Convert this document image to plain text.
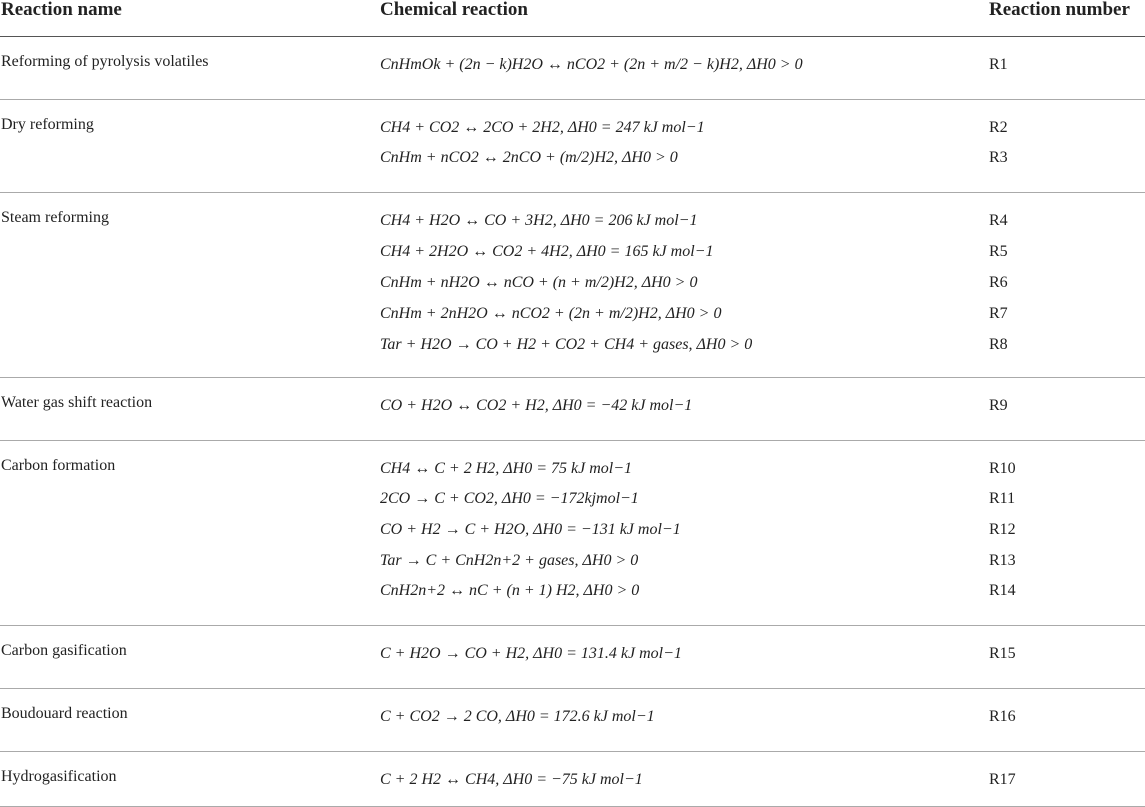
Reaction name	Chemical reaction	Reaction number
Reforming of pyrolysis volatiles	CnHmOk + (2n − k)H2O ↔ nCO2 + (2n + m/2 − k)H2, ΔH0 > 0	R1
Dry reforming	CH4 + CO2 ↔ 2CO + 2H2, ΔH0 = 247 kJ mol−1	R2
CnHm + nCO2 ↔ 2nCO + (m/2)H2, ΔH0 > 0	R3
Steam reforming	CH4 + H2O ↔ CO + 3H2, ΔH0 = 206 kJ mol−1	R4
CH4 + 2H2O ↔ CO2 + 4H2, ΔH0 = 165 kJ mol−1	R5
CnHm + nH2O ↔ nCO + (n + m/2)H2, ΔH0 > 0	R6
CnHm + 2nH2O ↔ nCO2 + (2n + m/2)H2, ΔH0 > 0	R7
Tar + H2O → CO + H2 + CO2 + CH4 + gases, ΔH0 > 0	R8
Water gas shift reaction	CO + H2O ↔ CO2 + H2, ΔH0 = −42 kJ mol−1	R9
Carbon formation	CH4 ↔ C + 2 H2, ΔH0 = 75 kJ mol−1	R10
2CO → C + CO2, ΔH0 = −172kjmol−1	R11
CO + H2 → C + H2O, ΔH0 = −131 kJ mol−1	R12
Tar → C + CnH2n+2 + gases, ΔH0 > 0	R13
CnH2n+2 ↔ nC + (n + 1) H2, ΔH0 > 0	R14
Carbon gasification	C + H2O → CO + H2, ΔH0 = 131.4 kJ mol−1	R15
Boudouard reaction	C + CO2 → 2 CO, ΔH0 = 172.6 kJ mol−1	R16
Hydrogasification	C + 2 H2 ↔ CH4, ΔH0 = −75 kJ mol−1	R17
